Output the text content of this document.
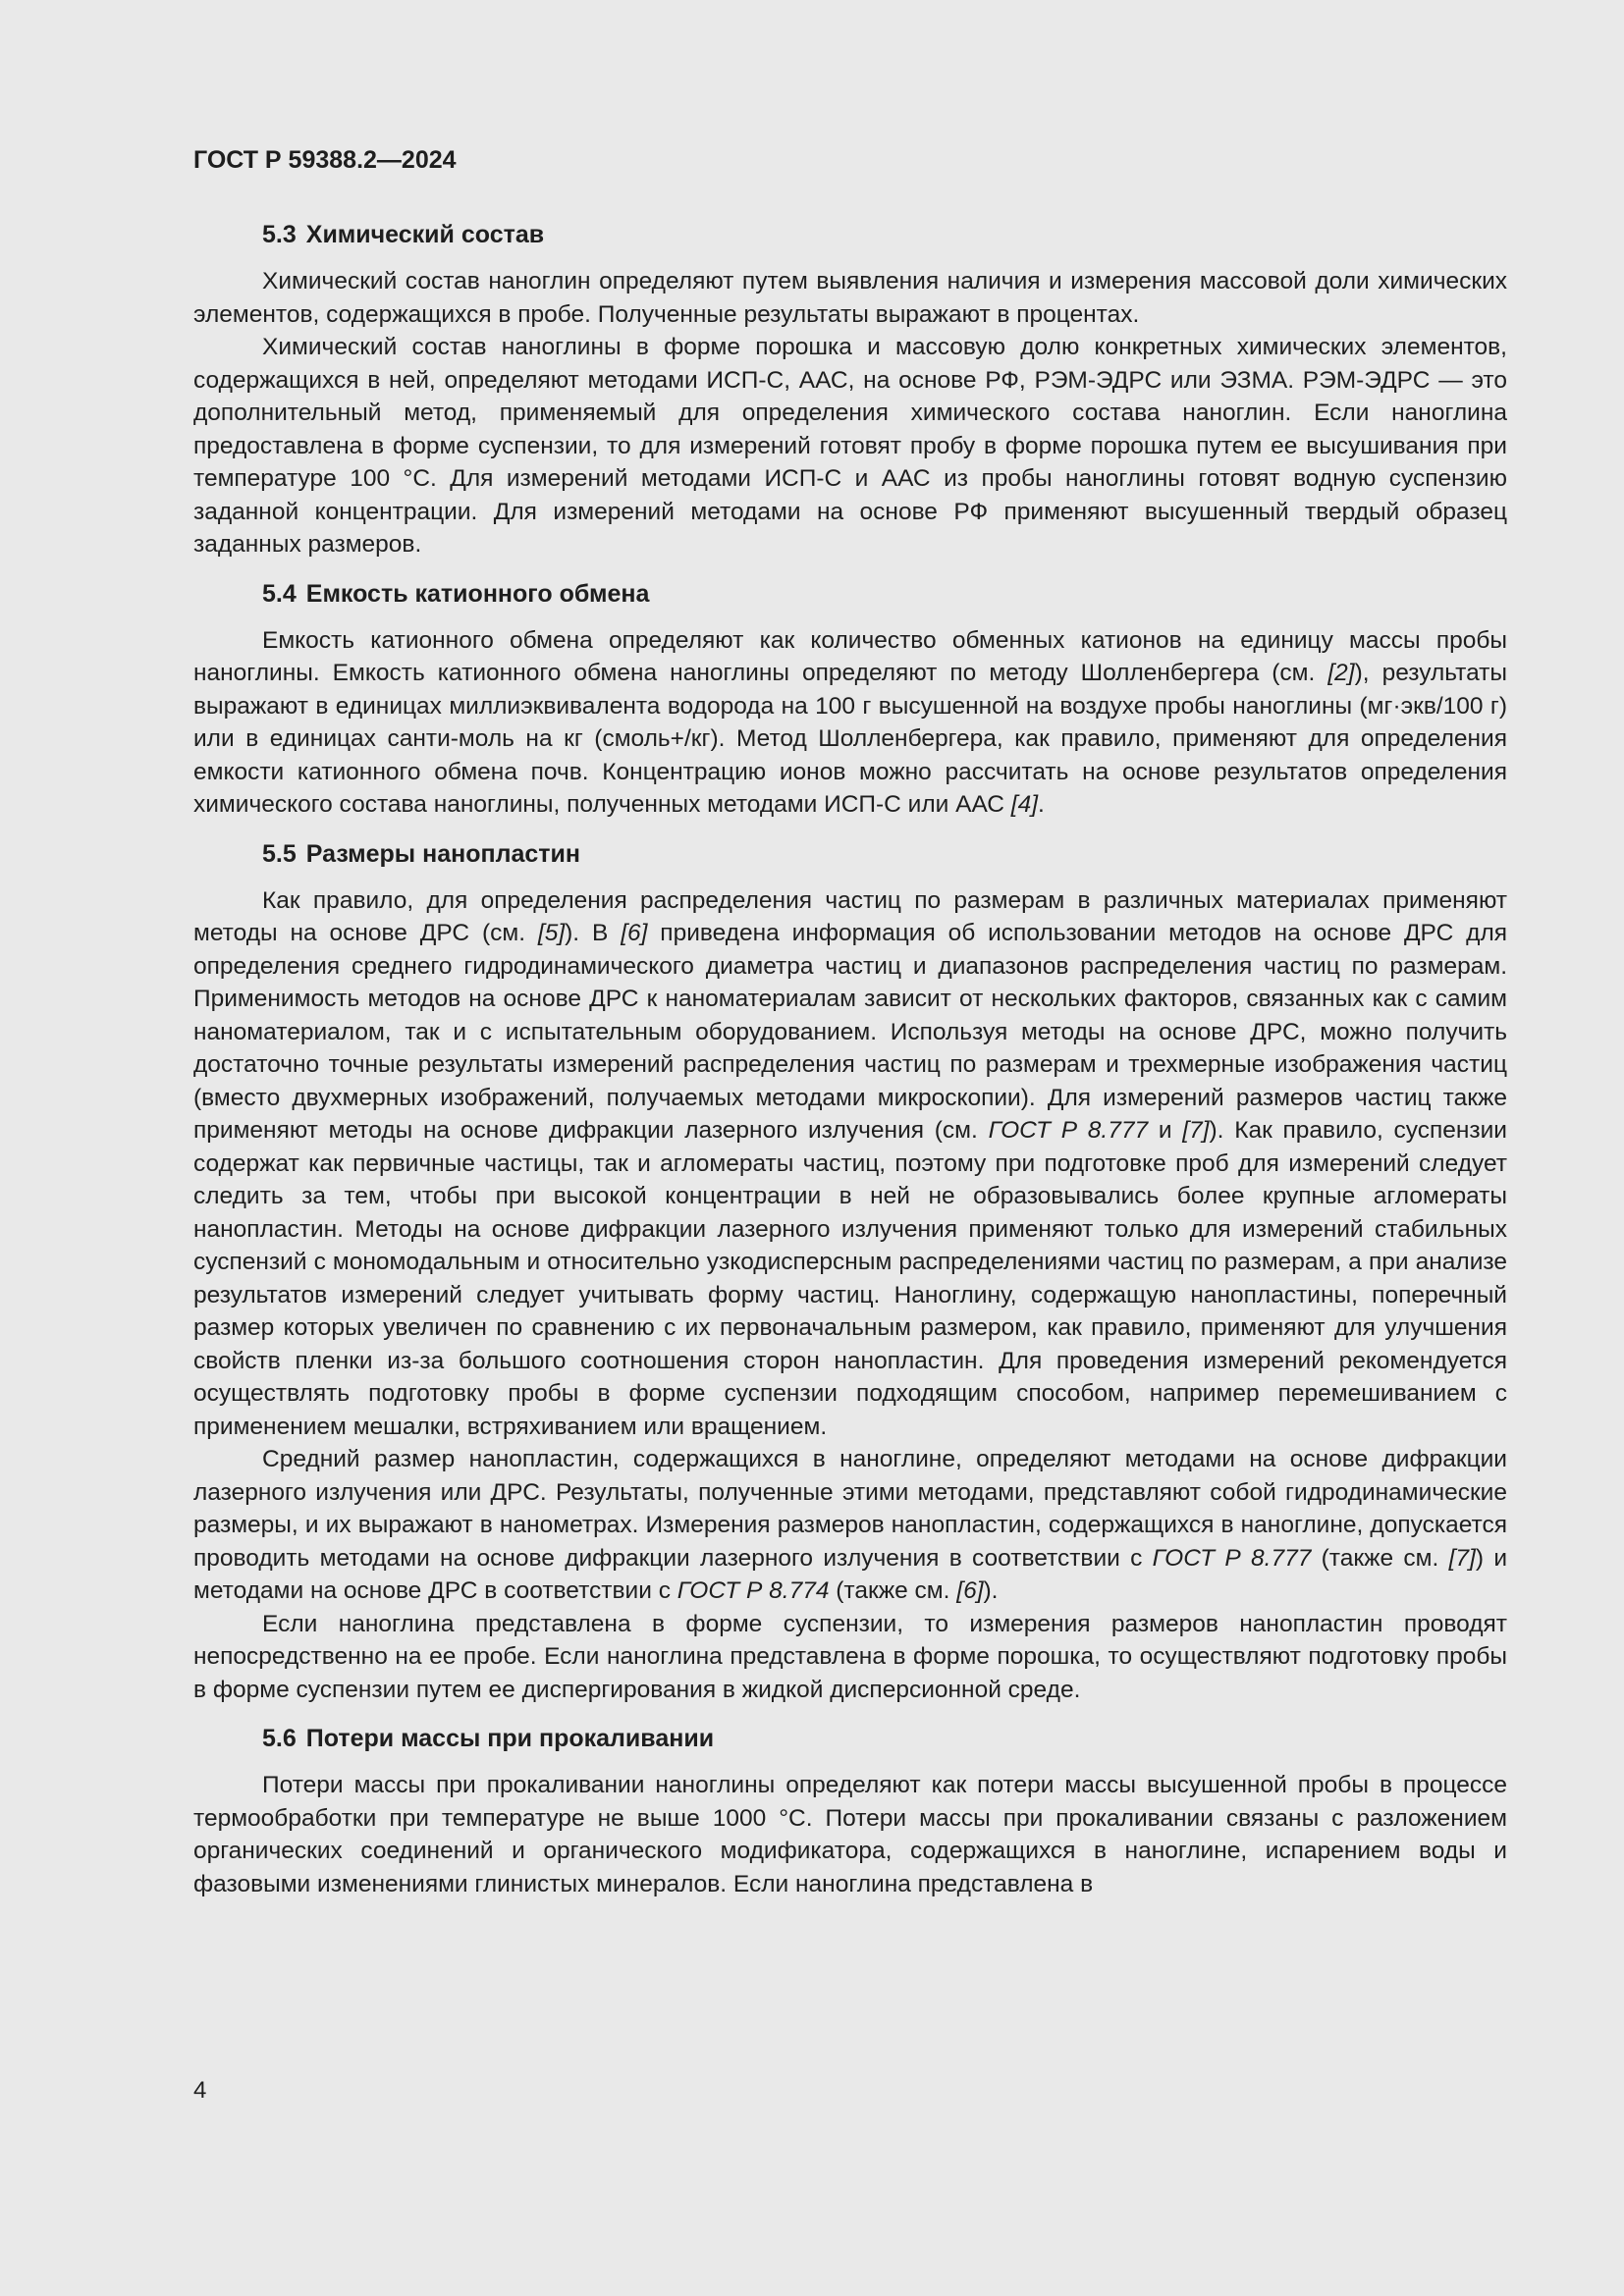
ГОСТ Р 59388.2—2024
5.3 Химический состав

Химический состав наноглин определяют путем выявления наличия и измерения массовой доли химических элементов, содержащихся в пробе. Полученные результаты выражают в процентах.

Химический состав наноглины в форме порошка и массовую долю конкретных химических элементов, содержащихся в ней, определяют методами ИСП-С, ААС, на основе РФ, РЭМ-ЭДРС или ЭЗМА. РЭМ-ЭДРС — это дополнительный метод, применяемый для определения химического состава наноглин. Если наноглина предоставлена в форме суспензии, то для измерений готовят пробу в форме порошка путем ее высушивания при температуре 100 °С. Для измерений методами ИСП-С и ААС из пробы наноглины готовят водную суспензию заданной концентрации. Для измерений методами на основе РФ применяют высушенный твердый образец заданных размеров.

5.4 Емкость катионного обмена

Емкость катионного обмена определяют как количество обменных катионов на единицу массы пробы наноглины. Емкость катионного обмена наноглины определяют по методу Шолленбергера (см. [2]), результаты выражают в единицах миллиэквивалента водорода на 100 г высушенной на воздухе пробы наноглины (мг·экв/100 г) или в единицах санти-моль на кг (смоль+/кг). Метод Шолленбергера, как правило, применяют для определения емкости катионного обмена почв. Концентрацию ионов можно рассчитать на основе результатов определения химического состава наноглины, полученных методами ИСП-С или ААС [4].

5.5 Размеры нанопластин

Как правило, для определения распределения частиц по размерам в различных материалах применяют методы на основе ДРС (см. [5]). В [6] приведена информация об использовании методов на основе ДРС для определения среднего гидродинамического диаметра частиц и диапазонов распределения частиц по размерам. Применимость методов на основе ДРС к наноматериалам зависит от нескольких факторов, связанных как с самим наноматериалом, так и с испытательным оборудованием. Используя методы на основе ДРС, можно получить достаточно точные результаты измерений распределения частиц по размерам и трехмерные изображения частиц (вместо двухмерных изображений, получаемых методами микроскопии). Для измерений размеров частиц также применяют методы на основе дифракции лазерного излучения (см. ГОСТ Р 8.777 и [7]). Как правило, суспензии содержат как первичные частицы, так и агломераты частиц, поэтому при подготовке проб для измерений следует следить за тем, чтобы при высокой концентрации в ней не образовывались более крупные агломераты нанопластин. Методы на основе дифракции лазерного излучения применяют только для измерений стабильных суспензий с мономодальным и относительно узкодисперсным распределениями частиц по размерам, а при анализе результатов измерений следует учитывать форму частиц. Наноглину, содержащую нанопластины, поперечный размер которых увеличен по сравнению с их первоначальным размером, как правило, применяют для улучшения свойств пленки из-за большого соотношения сторон нанопластин. Для проведения измерений рекомендуется осуществлять подготовку пробы в форме суспензии подходящим способом, например перемешиванием с применением мешалки, встряхиванием или вращением.

Средний размер нанопластин, содержащихся в наноглине, определяют методами на основе дифракции лазерного излучения или ДРС. Результаты, полученные этими методами, представляют собой гидродинамические размеры, и их выражают в нанометрах. Измерения размеров нанопластин, содержащихся в наноглине, допускается проводить методами на основе дифракции лазерного излучения в соответствии с ГОСТ Р 8.777 (также см. [7]) и методами на основе ДРС в соответствии с ГОСТ Р 8.774 (также см. [6]).

Если наноглина представлена в форме суспензии, то измерения размеров нанопластин проводят непосредственно на ее пробе. Если наноглина представлена в форме порошка, то осуществляют подготовку пробы в форме суспензии путем ее диспергирования в жидкой дисперсионной среде.

5.6 Потери массы при прокаливании

Потери массы при прокаливании наноглины определяют как потери массы высушенной пробы в процессе термообработки при температуре не выше 1000 °С. Потери массы при прокаливании связаны с разложением органических соединений и органического модификатора, содержащихся в наноглине, испарением воды и фазовыми изменениями глинистых минералов. Если наноглина представлена в

4
